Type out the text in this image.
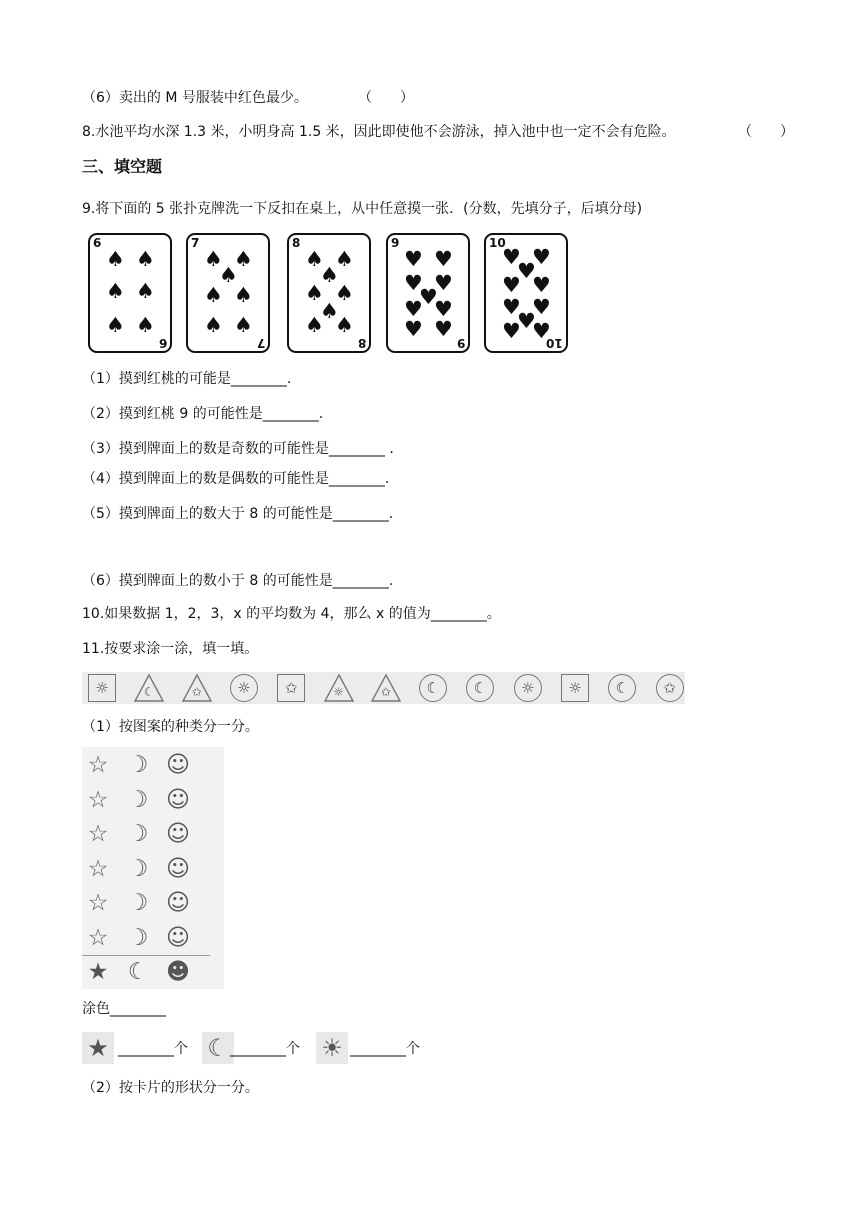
（6）卖出的 M 号服装中红色最少。	（　　）
8.水池平均水深 1.3 米，小明身高 1.5 米，因此即使他不会游泳，掉入池中也一定不会有危险。	（　　）
三、填空题
9.将下面的 5 张扑克牌洗一下反扣在桌上，从中任意摸一张．(分数，先填分子，后填分母)
6
6
♠ ♠
♠ ♠
♠ ♠
7
7
♠ ♠
♠
♠ ♠
♠ ♠
8
8
♠ ♠
♠
♠ ♠
♠
♠ ♠
9
9
♥ ♥
♥ ♥
♥
♥ ♥
♥ ♥
10
10
♥ ♥
♥
♥ ♥
♥ ♥
♥
♥ ♥
（1）摸到红桃的可能是________.
（2）摸到红桃 9 的可能性是________.
（3）摸到牌面上的数是奇数的可能性是________ .
（4）摸到牌面上的数是偶数的可能性是________.
（5）摸到牌面上的数大于 8 的可能性是________.
（6）摸到牌面上的数小于 8 的可能性是________.
10.如果数据 1，2，3，x 的平均数为 4，那么 x 的值为________。
11.按要求涂一涂，填一填。
☼	☾	✩	☼	✩	☼	✩	☾	☾	☼	☼	☾	✩
（1）按图案的种类分一分。
☆ ☽ ☺
☆ ☽ ☺
☆ ☽ ☺
☆ ☽ ☺
☆ ☽ ☺
☆ ☽ ☺
★ ☾ ☻
涂色________
★ ________个 ☾ ________个 ☀ ________个
（2）按卡片的形状分一分。
